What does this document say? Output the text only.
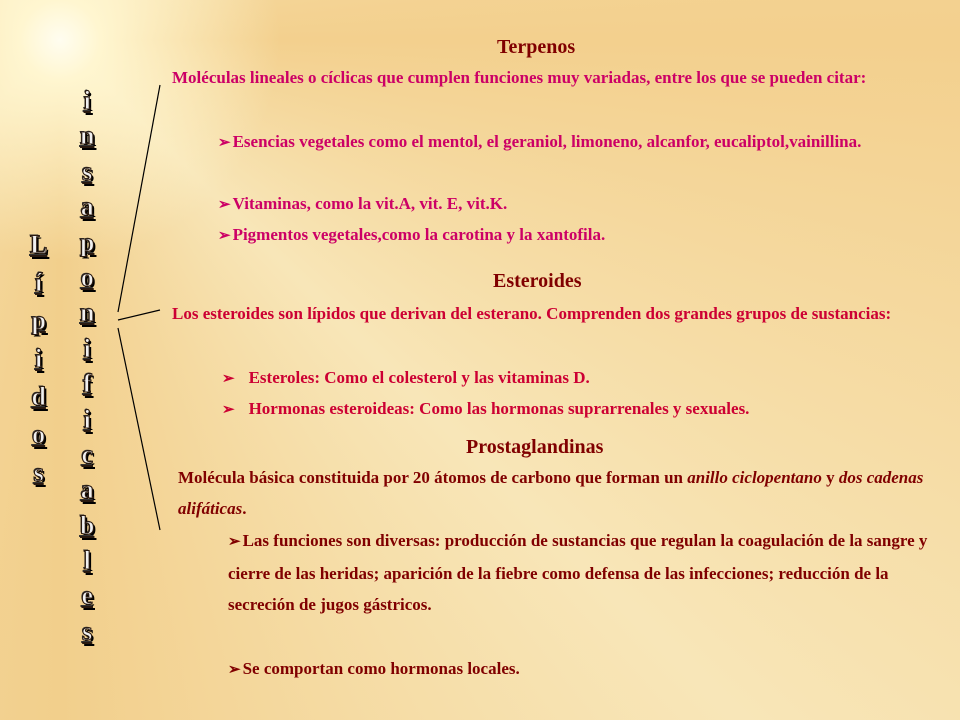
L
í
p
i
d
o
s
i
n
s
a
p
o
n
i
f
i
c
a
b
l
e
s
Terpenos
Moléculas lineales o cíclicas que cumplen funciones muy variadas, entre los que se pueden citar:
➢ Esencias vegetales como el mentol, el geraniol, limoneno, alcanfor, eucaliptol,vainillina.
➢ Vitaminas, como la vit.A, vit. E, vit.K.
➢ Pigmentos vegetales,como la carotina y la xantofila.
Esteroides
Los esteroides son lípidos que derivan del esterano. Comprenden dos grandes grupos de sustancias:
➢ Esteroles: Como el colesterol y las vitaminas D.
➢ Hormonas esteroideas: Como las hormonas suprarrenales y sexuales.
Prostaglandinas
Molécula básica constituida por 20 átomos de carbono que forman un anillo ciclopentano y dos cadenas alifáticas.
➢ Las funciones son diversas: producción de sustancias que regulan la coagulación de la sangre y cierre de las heridas; aparición de la fiebre como defensa de las infecciones; reducción de la secreción de jugos gástricos.
➢ Se comportan como hormonas locales.
